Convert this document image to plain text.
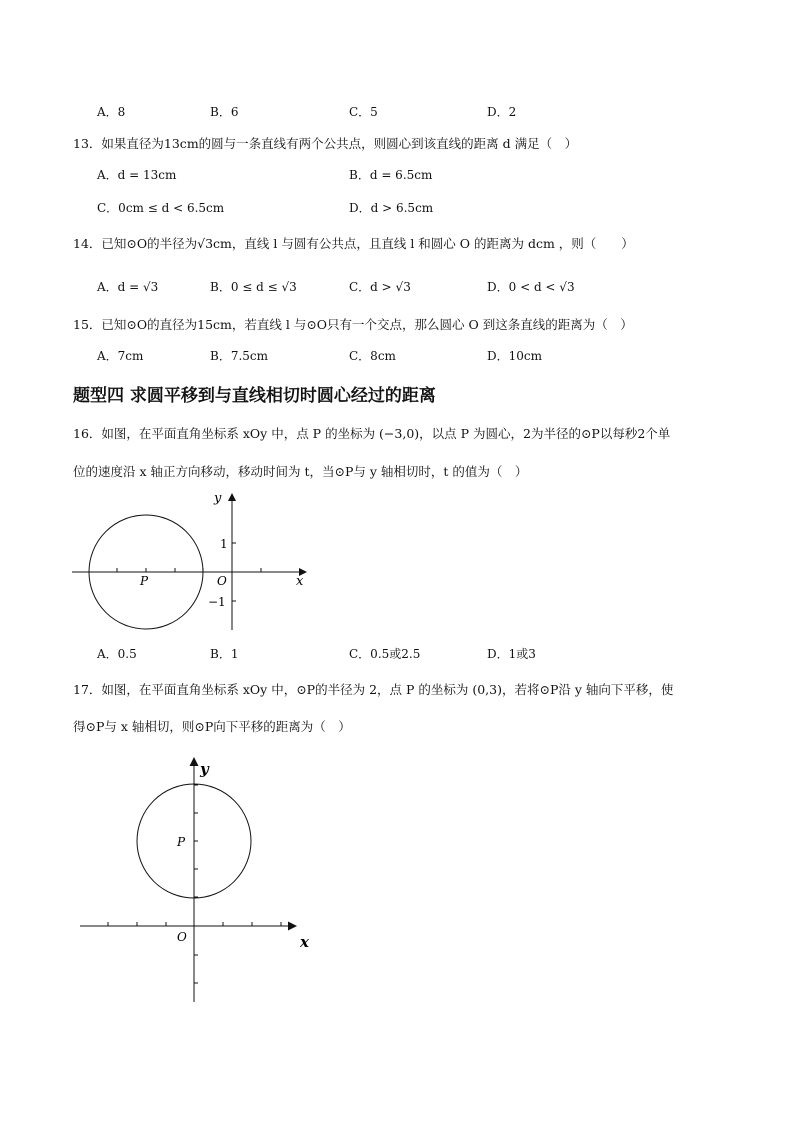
A．8	B．6	C．5	D．2
13．如果直径为13cm的圆与一条直线有两个公共点，则圆心到该直线的距离 d 满足（　）
A．d = 13cm	B．d = 6.5cm
C．0cm ≤ d < 6.5cm	D．d > 6.5cm
14．已知⊙O的半径为√3cm，直线 l 与圆有公共点，且直线 l 和圆心 O 的距离为 dcm ，则（　　）
A．d = √3	B．0 ≤ d ≤ √3	C．d > √3	D．0 < d < √3
15．已知⊙O的直径为15cm，若直线 l 与⊙O只有一个交点，那么圆心 O 到这条直线的距离为（　）
A．7cm	B．7.5cm	C．8cm	D．10cm
题型四 求圆平移到与直线相切时圆心经过的距离
16．如图，在平面直角坐标系 xOy 中，点 P 的坐标为 (−3,0)，以点 P 为圆心，2为半径的⊙P以每秒2个单
位的速度沿 x 轴正方向移动，移动时间为 t，当⊙P与 y 轴相切时，t 的值为（　）
y
x
O
1
−1
P
A．0.5	B．1	C．0.5或2.5	D．1或3
17．如图，在平面直角坐标系 xOy 中，⊙P的半径为 2，点 P 的坐标为 (0,3)，若将⊙P沿 y 轴向下平移，使
得⊙P与 x 轴相切，则⊙P向下平移的距离为（　）
y
x
O
P
